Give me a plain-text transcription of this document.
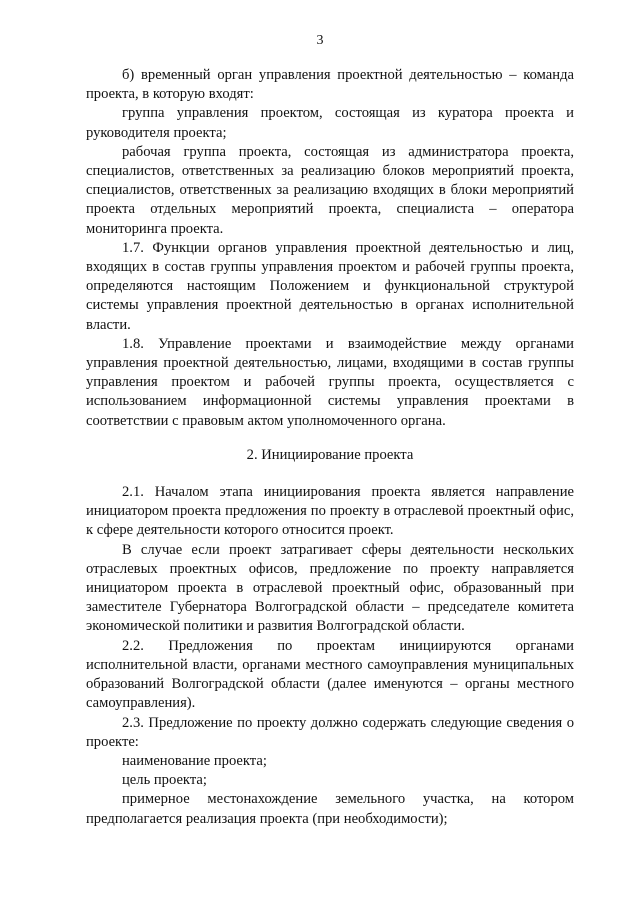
3

б) временный орган управления проектной деятельностью – команда проекта, в которую входят:

группа управления проектом, состоящая из куратора проекта и руководителя проекта;

рабочая группа проекта, состоящая из администратора проекта, специалистов, ответственных за реализацию блоков мероприятий проекта, специалистов, ответственных за реализацию входящих в блоки мероприятий проекта отдельных мероприятий проекта, специалиста – оператора мониторинга проекта.

1.7. Функции органов управления проектной деятельностью и лиц, входящих в состав группы управления проектом и рабочей группы проекта, определяются настоящим Положением и функциональной структурой системы управления проектной деятельностью в органах исполнительной власти.

1.8. Управление проектами и взаимодействие между органами управления проектной деятельностью, лицами, входящими в состав группы управления проектом и рабочей группы проекта, осуществляется с использованием информационной системы управления проектами в соответствии с правовым актом уполномоченного органа.

2. Инициирование проекта

2.1. Началом этапа инициирования проекта является направление инициатором проекта предложения по проекту в отраслевой проектный офис, к сфере деятельности которого относится проект.

В случае если проект затрагивает сферы деятельности нескольких отраслевых проектных офисов, предложение по проекту направляется инициатором проекта в отраслевой проектный офис, образованный при заместителе Губернатора Волгоградской области – председателе комитета экономической политики и развития Волгоградской области.

2.2. Предложения по проектам инициируются органами исполнительной власти, органами местного самоуправления муниципальных образований Волгоградской области (далее именуются – органы местного самоуправления).

2.3. Предложение по проекту должно содержать следующие сведения о проекте:

наименование проекта;

цель проекта;

примерное местонахождение земельного участка, на котором предполагается реализация проекта (при необходимости);
